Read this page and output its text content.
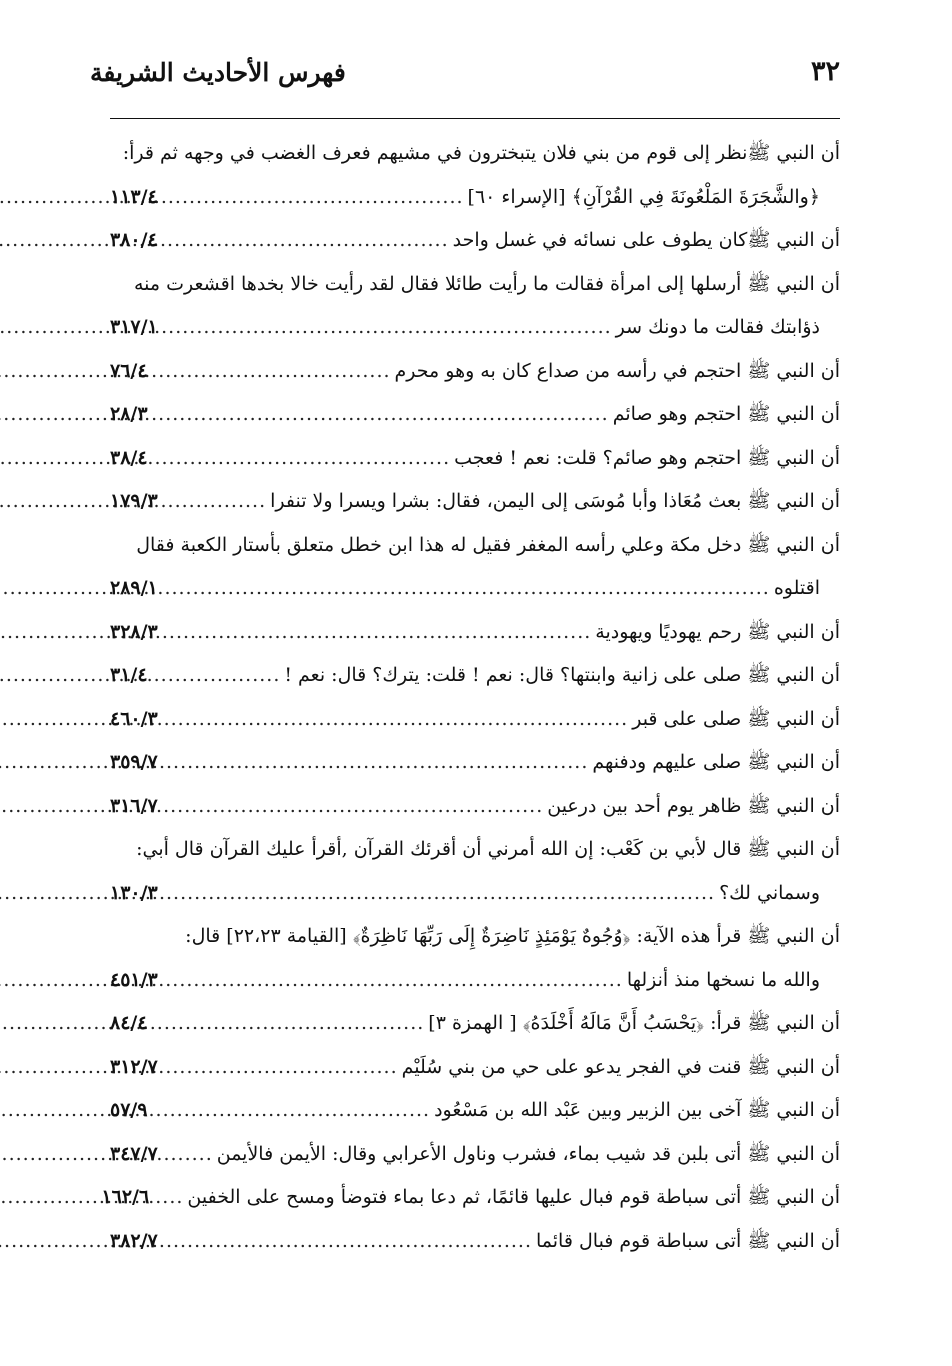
٣٢
فهرس الأحاديث الشريفة
أن النبي ﷺنظر إلى قوم من بني فلان يتبخترون في مشيهم فعرف الغضب في وجهه ثم قرأ:
﴿والشَّجَرَةَ المَلْعُونَةَ فِي القُرْآنِ﴾ [الإسراء ٦٠]
.....
١١٣/٤
أن النبي ﷺكان يطوف على نسائه في غسل واحد
.....
٣٨٠/٤
أن النبي ﷺ أرسلها إلى امرأة فقالت ما رأيت طائلا فقال لقد رأيت خالا بخدها اقشعرت منه
ذؤابتك فقالت ما دونك سر
.....
٣١٧/١
أن النبي ﷺ احتجم في رأسه من صداع كان به وهو محرم
.....
٧٦/٤
أن النبي ﷺ احتجم وهو صائم
.....
٢٨/٣
أن النبي ﷺ احتجم وهو صائم؟ قلت: نعم ! فعجب
.....
٣٨/٤
أن النبي ﷺ بعث مُعَاذا وأبا مُوسَى إلى اليمن، فقال: بشرا ويسرا ولا تنفرا
.....
١٧٩/٣
أن النبي ﷺ دخل مكة وعلي رأسه المغفر فقيل له هذا ابن خطل متعلق بأستار الكعبة فقال
اقتلوه
.....
٢٨٩/١
أن النبي ﷺ رحم يهوديًا ويهودية
.....
٣٢٨/٣
أن النبي ﷺ صلى على زانية وابنتها؟ قال: نعم ! قلت: يترك؟ قال: نعم !
.....
٣١/٤
أن النبي ﷺ صلى على قبر
.....
٤٦٠/٣
أن النبي ﷺ صلى عليهم ودفنهم
.....
٣٥٩/٧
أن النبي ﷺ ظاهر يوم أحد بين درعين
.....
٣١٦/٧
أن النبي ﷺ قال لأبي بن كَعْب: إن الله أمرني أن أقرئك القرآن ,أقرأ عليك القرآن قال أبي:
وسماني لك؟
.....
١٣٠/٣
أن النبي ﷺ قرأ هذه الآية: ﴿وُجُوهٌ يَوْمَئِذٍ نَاضِرَةٌ إِلَى رَبِّهَا نَاظِرَةٌ﴾ [القيامة ٢٢،٢٣] قال:
والله ما نسخها منذ أنزلها
.....
٤٥١/٣
أن النبي ﷺ قرأ: ﴿يَحْسَبُ أَنَّ مَالَهُ أَخْلَدَهُ﴾ [ الهمزة ٣]
.....
٨٤/٤
أن النبي ﷺ قنت في الفجر يدعو على حي من بني سُلَيْم
.....
٣١٢/٧
أن النبي ﷺ آخى بين الزبير وبين عَبْد الله بن مَسْعُود
.....
٥٧/٩
أن النبي ﷺ أتى بلبن قد شيب بماء، فشرب وناول الأعرابي وقال: الأيمن فالأيمن
.....
٣٤٧/٧
أن النبي ﷺ أتى سباطة قوم فبال عليها قائمًا، ثم دعا بماء فتوضأ ومسح على الخفين
.....
١٦٢/٦
أن النبي ﷺ أتى سباطة قوم فبال قائما
.....
٣٨٢/٧
